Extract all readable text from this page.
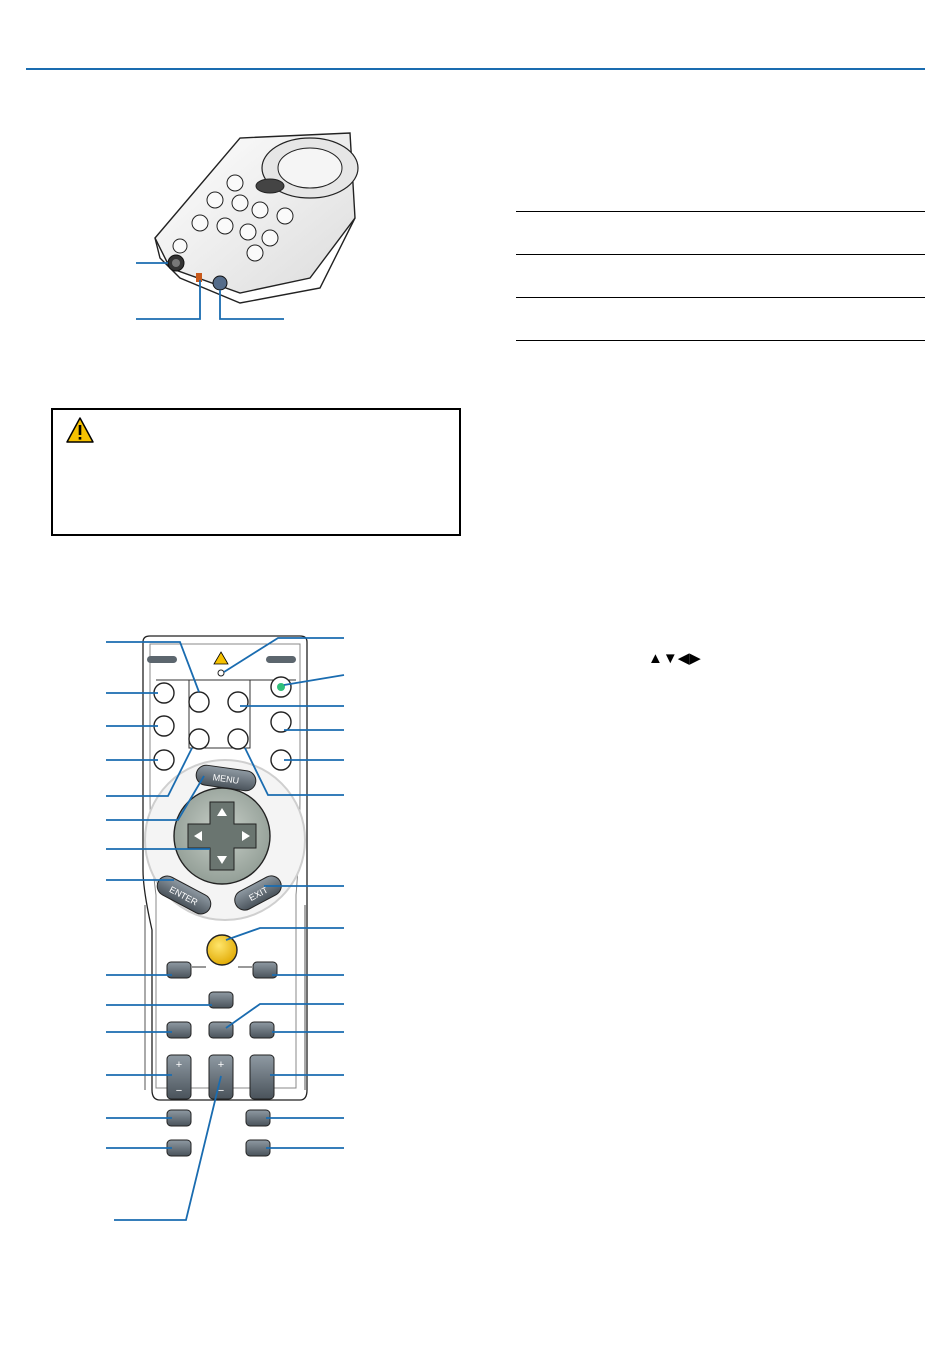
▲▼◀▶
MENU
ENTER	EXIT
+
−
+
−
